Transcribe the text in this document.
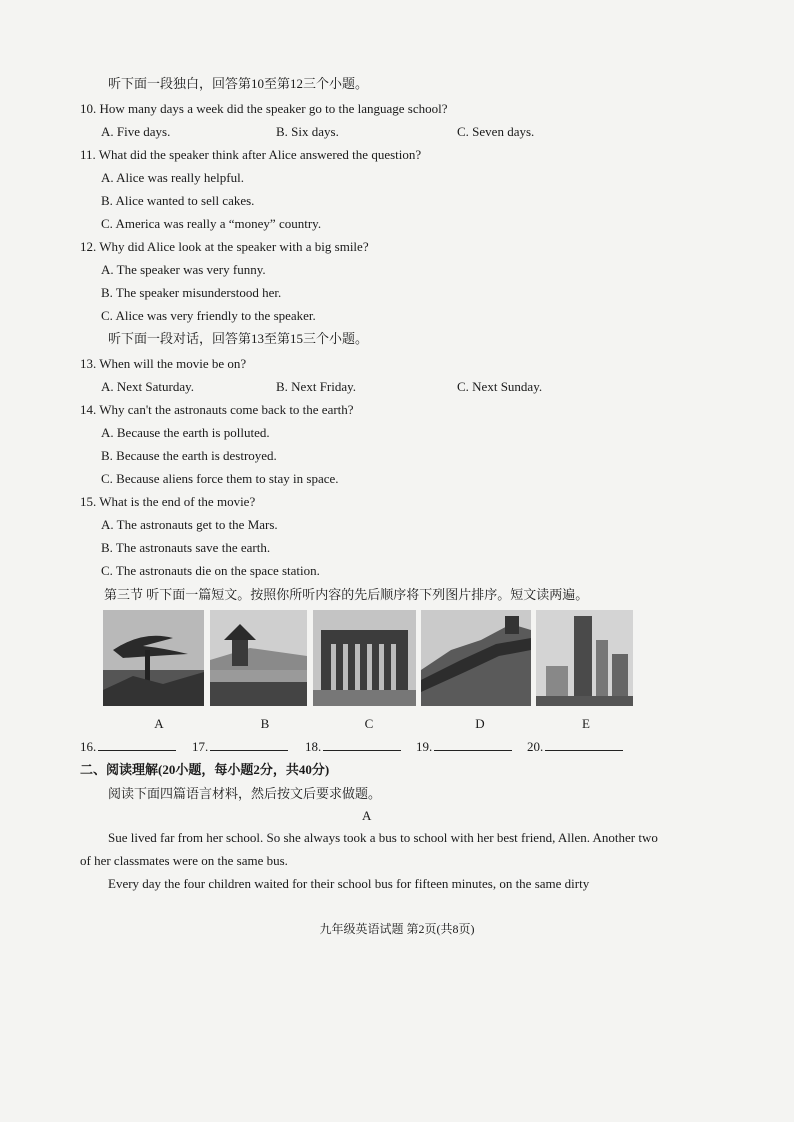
听下面一段独白，回答第10至第12三个小题。
10. How many days a week did the speaker go to the language school?
A. Five days.	B. Six days.	C. Seven days.
11. What did the speaker think after Alice answered the question?
A. Alice was really helpful.
B. Alice wanted to sell cakes.
C. America was really a “money” country.
12. Why did Alice look at the speaker with a big smile?
A. The speaker was very funny.
B. The speaker misunderstood her.
C. Alice was very friendly to the speaker.
听下面一段对话，回答第13至第15三个小题。
13. When will the movie be on?
A. Next Saturday.	B. Next Friday.	C. Next Sunday.
14. Why can't the astronauts come back to the earth?
A. Because the earth is polluted.
B. Because the earth is destroyed.
C. Because aliens force them to stay in space.
15. What is the end of the movie?
A. The astronauts get to the Mars.
B. The astronauts save the earth.
C. The astronauts die on the space station.
第三节 听下面一篇短文。按照你所听内容的先后顺序将下列图片排序。短文读两遍。
A	B	C	D	E
16.	17.	18.	19.	20.
二、阅读理解(20小题，每小题2分，共40分)
阅读下面四篇语言材料，然后按文后要求做题。
A
Sue lived far from her school. So she always took a bus to school with her best friend, Allen. Another two of her classmates were on the same bus.
Every day the four children waited for their school bus for fifteen minutes, on the same dirty
九年级英语试题 第2页(共8页)
